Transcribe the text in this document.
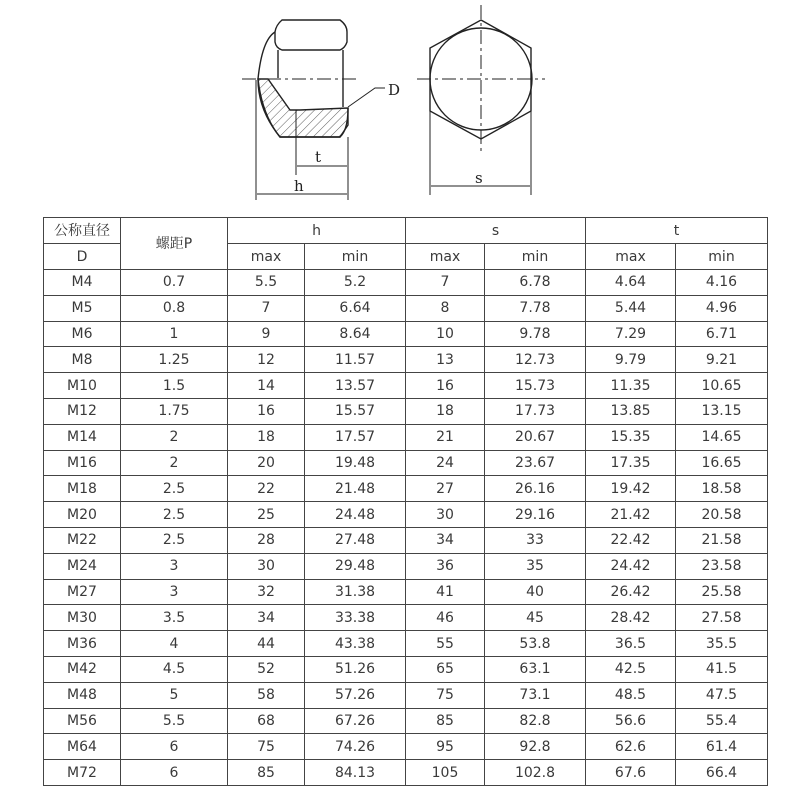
D
t
h	s
公称直径	螺距P	h		s		t	
D		max	min	max	min	max	min
M4	0.7	5.5	5.2	7	6.78	4.64	4.16
M5	0.8	7	6.64	8	7.78	5.44	4.96
M6	1	9	8.64	10	9.78	7.29	6.71
M8	1.25	12	11.57	13	12.73	9.79	9.21
M10	1.5	14	13.57	16	15.73	11.35	10.65
M12	1.75	16	15.57	18	17.73	13.85	13.15
M14	2	18	17.57	21	20.67	15.35	14.65
M16	2	20	19.48	24	23.67	17.35	16.65
M18	2.5	22	21.48	27	26.16	19.42	18.58
M20	2.5	25	24.48	30	29.16	21.42	20.58
M22	2.5	28	27.48	34	33	22.42	21.58
M24	3	30	29.48	36	35	24.42	23.58
M27	3	32	31.38	41	40	26.42	25.58
M30	3.5	34	33.38	46	45	28.42	27.58
M36	4	44	43.38	55	53.8	36.5	35.5
M42	4.5	52	51.26	65	63.1	42.5	41.5
M48	5	58	57.26	75	73.1	48.5	47.5
M56	5.5	68	67.26	85	82.8	56.6	55.4
M64	6	75	74.26	95	92.8	62.6	61.4
M72	6	85	84.13	105	102.8	67.6	66.4
